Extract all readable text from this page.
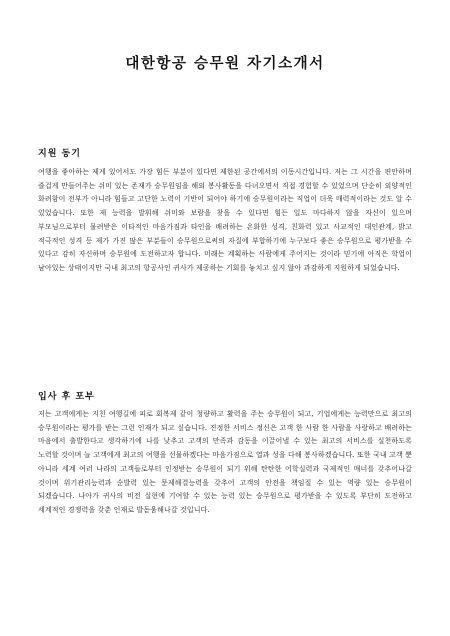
대한항공 승무원 자기소개서
지원 동기

여행을 좋아하는 제게 있어서도 가장 힘든 부분이 있다면 제한된 공간에서의 이동시간입니다. 저는 그 시간을 편안하며 즐겁게 만들어주는 쉬미 있는 존재가 승무원임을 해외 봉사활동을 다녀오면서 직접 경험할 수 있었으며 단순히 외양적인 화려함이 전부가 아니라 힘들고 고단한 노력이 기반이 되어야 하기에 승무원이라는 직업이 더욱 매력적이라는 것도 알 수 있었습니다. 또한 제 능력을 발휘해 쉬미와 보람을 찾을 수 있다면 힘든 일도 마다하지 않을 자신이 있으며 부모님으로부터 물려받은 이타적인 마음가짐과 타인을 배려하는 온화한 성격, 친화력 있고 사교적인 대인관계, 밝고 적극적인 성격 등 제가 가진 많은 부분들이 승무원으로써의 자질에 부합하기에 누구보다 좋은 승무원으로 평가받을 수 있다고 감히 자신하며 승무원에 도전하고자 합니다. 미래는 계획하는 사람에게 주어지는 것이라 믿기에 아직은 학업이 남아있는 상태이지만 국내 최고의 항공사인 귀사가 제공하는 기회를 놓치고 싶지 않아 과감하게 지원하게 되었습니다.

입사 후 포부

저는 고객에게는 지친 여행길에 피로 회복제 같이 청량하고 활력을 주는 승무원이 되고, 기업에게는 능력만으로 최고의 승무원이라는 평가를 받는 그런 인재가 되고 싶습니다. 진정한 서비스 정신은 고객 한 사람 한 사람을 사랑하고 배려하는 마음에서 출발한다고 생각하기에 나를 낮추고 고객의 만족과 감동을 이끌어낼 수 있는 최고의 서비스를 실천하도록 노력할 것이며 늘 고객에게 최고의 여행을 선물하겠다는 마음가짐으로 열과 성을 다해 봉사하겠습니다. 또한 국내 고객 뿐 아니라 세계 여러 나라의 고객들로부터 인정받는 승무원이 되기 위해 탄탄한 어학실력과 국제적인 매너를 갖추어나갈 것이며 위기관리능력과 순발력 있는 문제해결능력을 갖추어 고객의 안전을 책임질 수 있는 역량 있는 승무원이 되겠습니다. 나아가 귀사의 비전 실현에 기여할 수 있는 능력 있는 승무원으로 평가받을 수 있도록 부단히 도전하고 세계적인 경쟁력을 갖춘 인재로 발돋움해나갈 것입니다.
